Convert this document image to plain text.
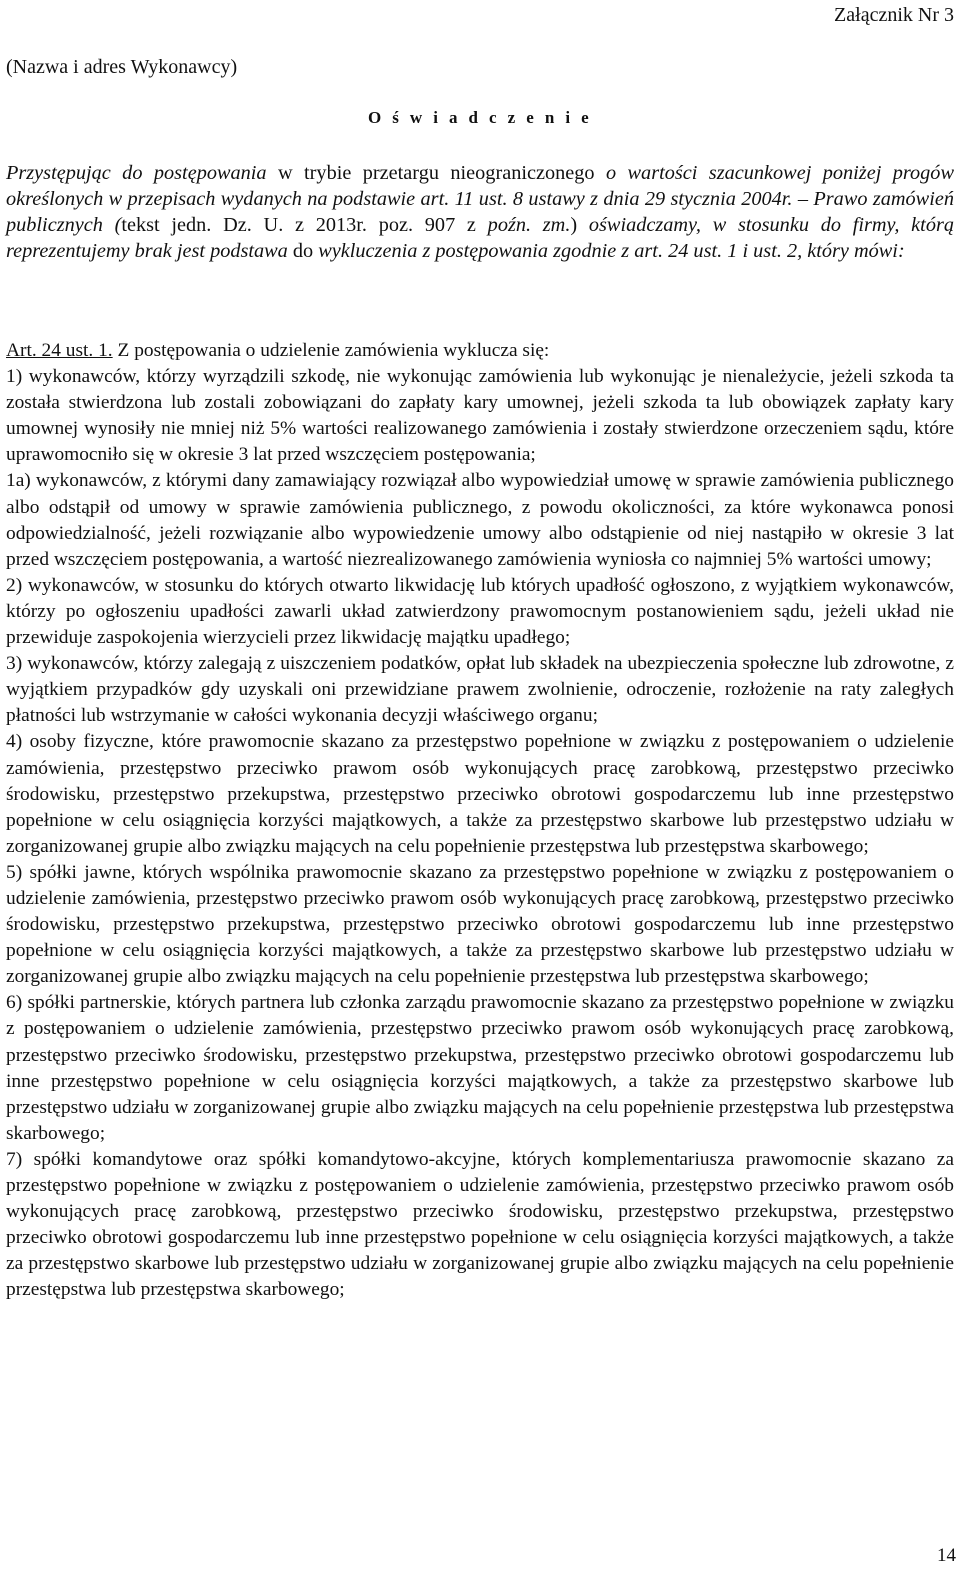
Załącznik Nr 3
(Nazwa i adres Wykonawcy)
O ś w i a d c z e n i e
Przystępując do postępowania w trybie przetargu nieograniczonego o wartości szacunkowej poniżej progów określonych w przepisach wydanych na podstawie art. 11 ust. 8 ustawy z dnia 29 stycznia 2004r. – Prawo zamówień publicznych (tekst jedn. Dz. U. z 2013r. poz. 907 z poźn. zm.) oświadczamy, w stosunku do firmy, którą reprezentujemy brak jest podstawa do wykluczenia z postępowania zgodnie z art. 24 ust. 1 i ust. 2, który mówi:

Art. 24 ust. 1. Z postępowania o udzielenie zamówienia wyklucza się:

1) wykonawców, którzy wyrządzili szkodę, nie wykonując zamówienia lub wykonując je nienależycie, jeżeli szkoda ta została stwierdzona lub zostali zobowiązani do zapłaty kary umownej, jeżeli szkoda ta lub obowiązek zapłaty kary umownej wynosiły nie mniej niż 5% wartości realizowanego zamówienia i zostały stwierdzone orzeczeniem sądu, które uprawomocniło się w okresie 3 lat przed wszczęciem postępowania;

1a) wykonawców, z którymi dany zamawiający rozwiązał albo wypowiedział umowę w sprawie zamówienia publicznego albo odstąpił od umowy w sprawie zamówienia publicznego, z powodu okoliczności, za które wykonawca ponosi odpowiedzialność, jeżeli rozwiązanie albo wypowiedzenie umowy albo odstąpienie od niej nastąpiło w okresie 3 lat przed wszczęciem postępowania, a wartość niezrealizowanego zamówienia wyniosła co najmniej 5% wartości umowy;

2) wykonawców, w stosunku do których otwarto likwidację lub których upadłość ogłoszono, z wyjątkiem wykonawców, którzy po ogłoszeniu upadłości zawarli układ zatwierdzony prawomocnym postanowieniem sądu, jeżeli układ nie przewiduje zaspokojenia wierzycieli przez likwidację majątku upadłego;

3) wykonawców, którzy zalegają z uiszczeniem podatków, opłat lub składek na ubezpieczenia społeczne lub zdrowotne, z wyjątkiem przypadków gdy uzyskali oni przewidziane prawem zwolnienie, odroczenie, rozłożenie na raty zaległych płatności lub wstrzymanie w całości wykonania decyzji właściwego organu;

4) osoby fizyczne, które prawomocnie skazano za przestępstwo popełnione w związku z postępowaniem o udzielenie zamówienia, przestępstwo przeciwko prawom osób wykonujących pracę zarobkową, przestępstwo przeciwko środowisku, przestępstwo przekupstwa, przestępstwo przeciwko obrotowi gospodarczemu lub inne przestępstwo popełnione w celu osiągnięcia korzyści majątkowych, a także za przestępstwo skarbowe lub przestępstwo udziału w zorganizowanej grupie albo związku mających na celu popełnienie przestępstwa lub przestępstwa skarbowego;

5) spółki jawne, których wspólnika prawomocnie skazano za przestępstwo popełnione w związku z postępowaniem o udzielenie zamówienia, przestępstwo przeciwko prawom osób wykonujących pracę zarobkową, przestępstwo przeciwko środowisku, przestępstwo przekupstwa, przestępstwo przeciwko obrotowi gospodarczemu lub inne przestępstwo popełnione w celu osiągnięcia korzyści majątkowych, a także za przestępstwo skarbowe lub przestępstwo udziału w zorganizowanej grupie albo związku mających na celu popełnienie przestępstwa lub przestępstwa skarbowego;

6) spółki partnerskie, których partnera lub członka zarządu prawomocnie skazano za przestępstwo popełnione w związku z postępowaniem o udzielenie zamówienia, przestępstwo przeciwko prawom osób wykonujących pracę zarobkową, przestępstwo przeciwko środowisku, przestępstwo przekupstwa, przestępstwo przeciwko obrotowi gospodarczemu lub inne przestępstwo popełnione w celu osiągnięcia korzyści majątkowych, a także za przestępstwo skarbowe lub przestępstwo udziału w zorganizowanej grupie albo związku mających na celu popełnienie przestępstwa lub przestępstwa skarbowego;

7) spółki komandytowe oraz spółki komandytowo-akcyjne, których komplementariusza prawomocnie skazano za przestępstwo popełnione w związku z postępowaniem o udzielenie zamówienia, przestępstwo przeciwko prawom osób wykonujących pracę zarobkową, przestępstwo przeciwko środowisku, przestępstwo przekupstwa, przestępstwo przeciwko obrotowi gospodarczemu lub inne przestępstwo popełnione w celu osiągnięcia korzyści majątkowych, a także za przestępstwo skarbowe lub przestępstwo udziału w zorganizowanej grupie albo związku mających na celu popełnienie przestępstwa lub przestępstwa skarbowego;

14
